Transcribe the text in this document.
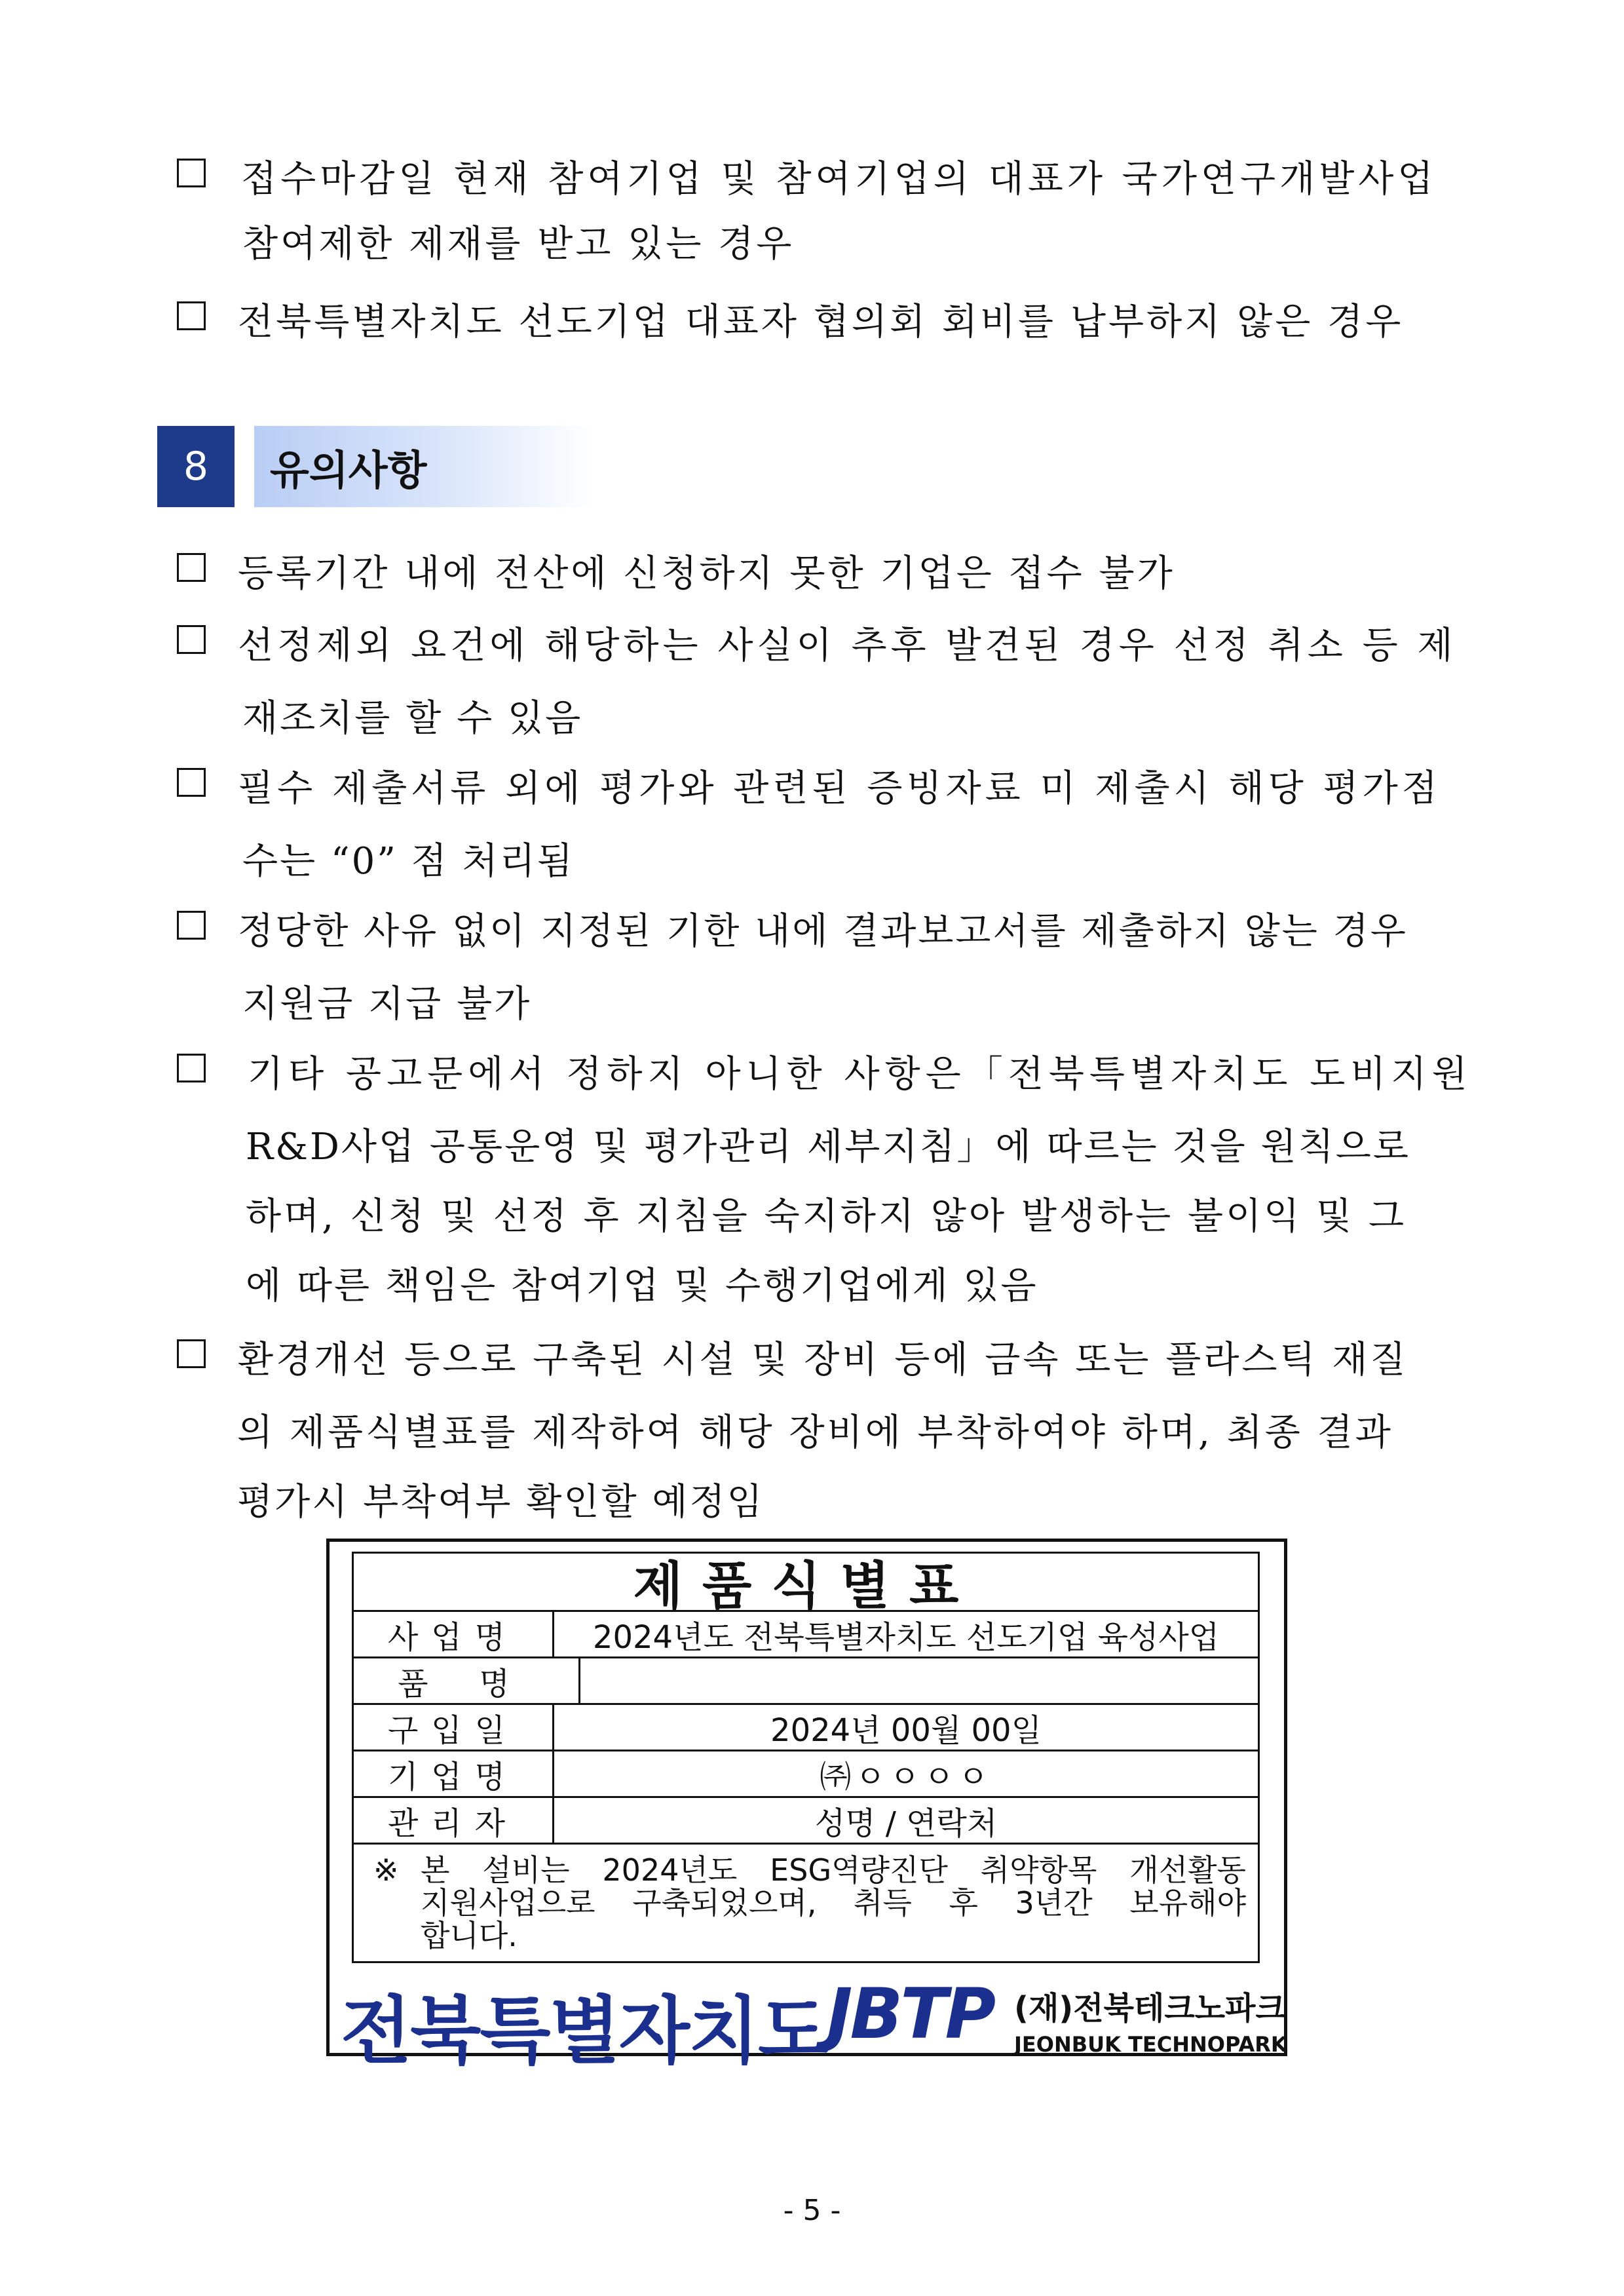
접수마감일 현재 참여기업 및 참여기업의 대표가 국가연구개발사업
참여제한 제재를 받고 있는 경우
전북특별자치도 선도기업 대표자 협의회 회비를 납부하지 않은 경우
8	유의사항
등록기간 내에 전산에 신청하지 못한 기업은 접수 불가
선정제외 요건에 해당하는 사실이 추후 발견된 경우 선정 취소 등 제
재조치를 할 수 있음
필수 제출서류 외에 평가와 관련된 증빙자료 미 제출시 해당 평가점
수는 “0” 점 처리됨
정당한 사유 없이 지정된 기한 내에 결과보고서를 제출하지 않는 경우
지원금 지급 불가
기타 공고문에서 정하지 아니한 사항은「전북특별자치도 도비지원
R&D사업 공통운영 및 평가관리 세부지침」에 따르는 것을 원칙으로
하며, 신청 및 선정 후 지침을 숙지하지 않아 발생하는 불이익 및 그
에 따른 책임은 참여기업 및 수행기업에게 있음
환경개선 등으로 구축된 시설 및 장비 등에 금속 또는 플라스틱 재질
의 제품식별표를 제작하여 해당 장비에 부착하여야 하며, 최종 결과
평가시 부착여부 확인할 예정임
제품식별표
사업명	2024년도 전북특별자치도 선도기업 육성사업
품명
구입일	2024년 00월 00일
기업명	㈜ㅇㅇㅇㅇ
관리자	성명 / 연락처
※ 본 설비는 2024년도 ESG역량진단 취약항목 개선활동
지원사업으로 구축되었으며, 취득 후 3년간 보유해야
합니다.
전북특별자치도
JBTP (재)전북테크노파크
JEONBUK TECHNOPARK
- 5 -
